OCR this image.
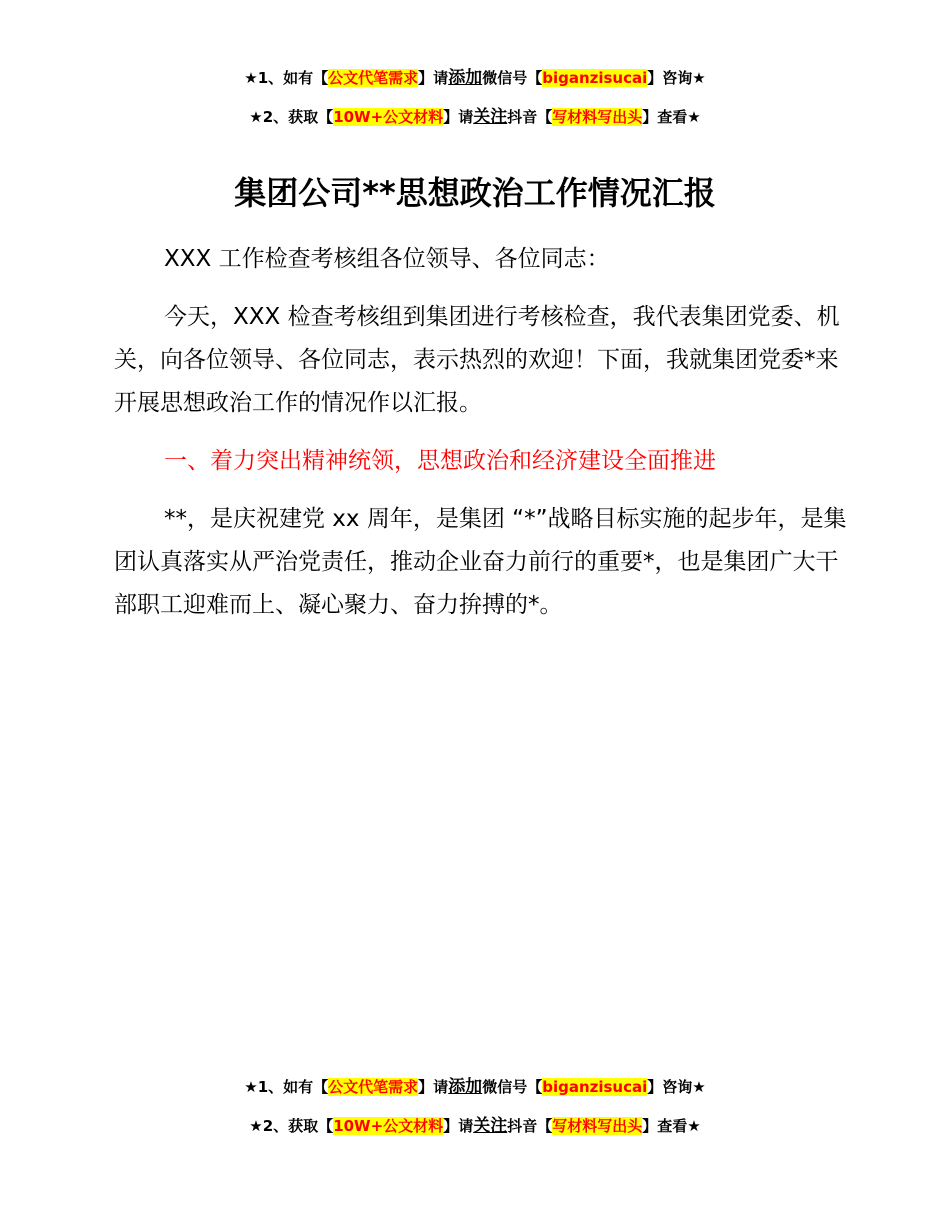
★1、如有【公文代笔需求】请添加微信号【biganzisucai】咨询★
★2、获取【10W+公文材料】请关注抖音【写材料写出头】查看★
集团公司**思想政治工作情况汇报

XXX 工作检查考核组各位领导、各位同志：

今天，XXX 检查考核组到集团进行考核检查，我代表集团党委、机关，向各位领导、各位同志，表示热烈的欢迎！下面，我就集团党委*来开展思想政治工作的情况作以汇报。

一、着力突出精神统领，思想政治和经济建设全面推进

**，是庆祝建党 xx 周年，是集团 “*”战略目标实施的起步年，是集团认真落实从严治党责任，推动企业奋力前行的重要*，也是集团广大干部职工迎难而上、凝心聚力、奋力拚搏的*。

★1、如有【公文代笔需求】请添加微信号【biganzisucai】咨询★
★2、获取【10W+公文材料】请关注抖音【写材料写出头】查看★
